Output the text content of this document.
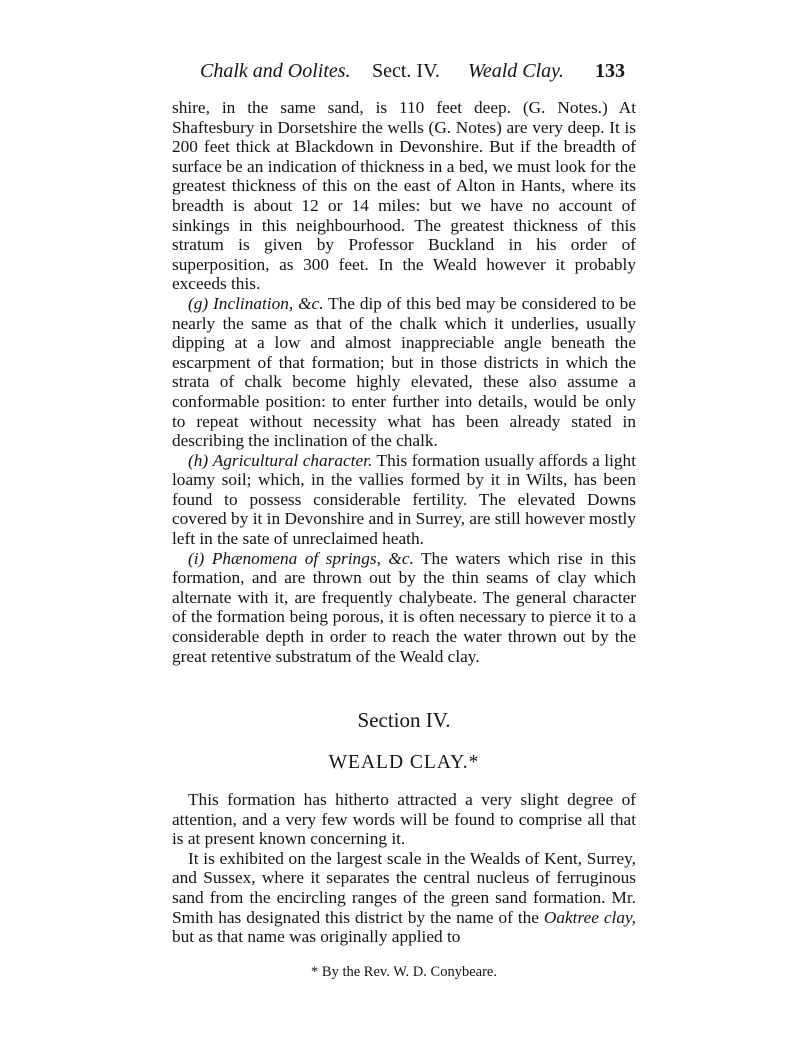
Chalk and Oolites. Sect. IV. Weald Clay. 133

shire, in the same sand, is 110 feet deep. (G. Notes.) At Shaftesbury in Dorsetshire the wells (G. Notes) are very deep. It is 200 feet thick at Blackdown in Devonshire. But if the breadth of surface be an indication of thickness in a bed, we must look for the greatest thickness of this on the east of Alton in Hants, where its breadth is about 12 or 14 miles: but we have no account of sinkings in this neighbourhood. The greatest thickness of this stratum is given by Professor Buckland in his order of superposition, as 300 feet. In the Weald however it probably exceeds this.

(g) Inclination, &c. The dip of this bed may be considered to be nearly the same as that of the chalk which it underlies, usually dipping at a low and almost inappreciable angle beneath the escarpment of that formation; but in those districts in which the strata of chalk become highly elevated, these also assume a conformable position: to enter further into details, would be only to repeat without necessity what has been already stated in describing the inclination of the chalk.

(h) Agricultural character. This formation usually affords a light loamy soil; which, in the vallies formed by it in Wilts, has been found to possess considerable fertility. The elevated Downs covered by it in Devonshire and in Surrey, are still however mostly left in the sate of unreclaimed heath.

(i) Phænomena of springs, &c. The waters which rise in this formation, and are thrown out by the thin seams of clay which alternate with it, are frequently chalybeate. The general character of the formation being porous, it is often necessary to pierce it to a considerable depth in order to reach the water thrown out by the great retentive substratum of the Weald clay.

Section IV.
WEALD CLAY.*

This formation has hitherto attracted a very slight degree of attention, and a very few words will be found to comprise all that is at present known concerning it.

It is exhibited on the largest scale in the Wealds of Kent, Surrey, and Sussex, where it separates the central nucleus of ferruginous sand from the encircling ranges of the green sand formation. Mr. Smith has designated this district by the name of the Oaktree clay, but as that name was originally applied to

* By the Rev. W. D. Conybeare.
